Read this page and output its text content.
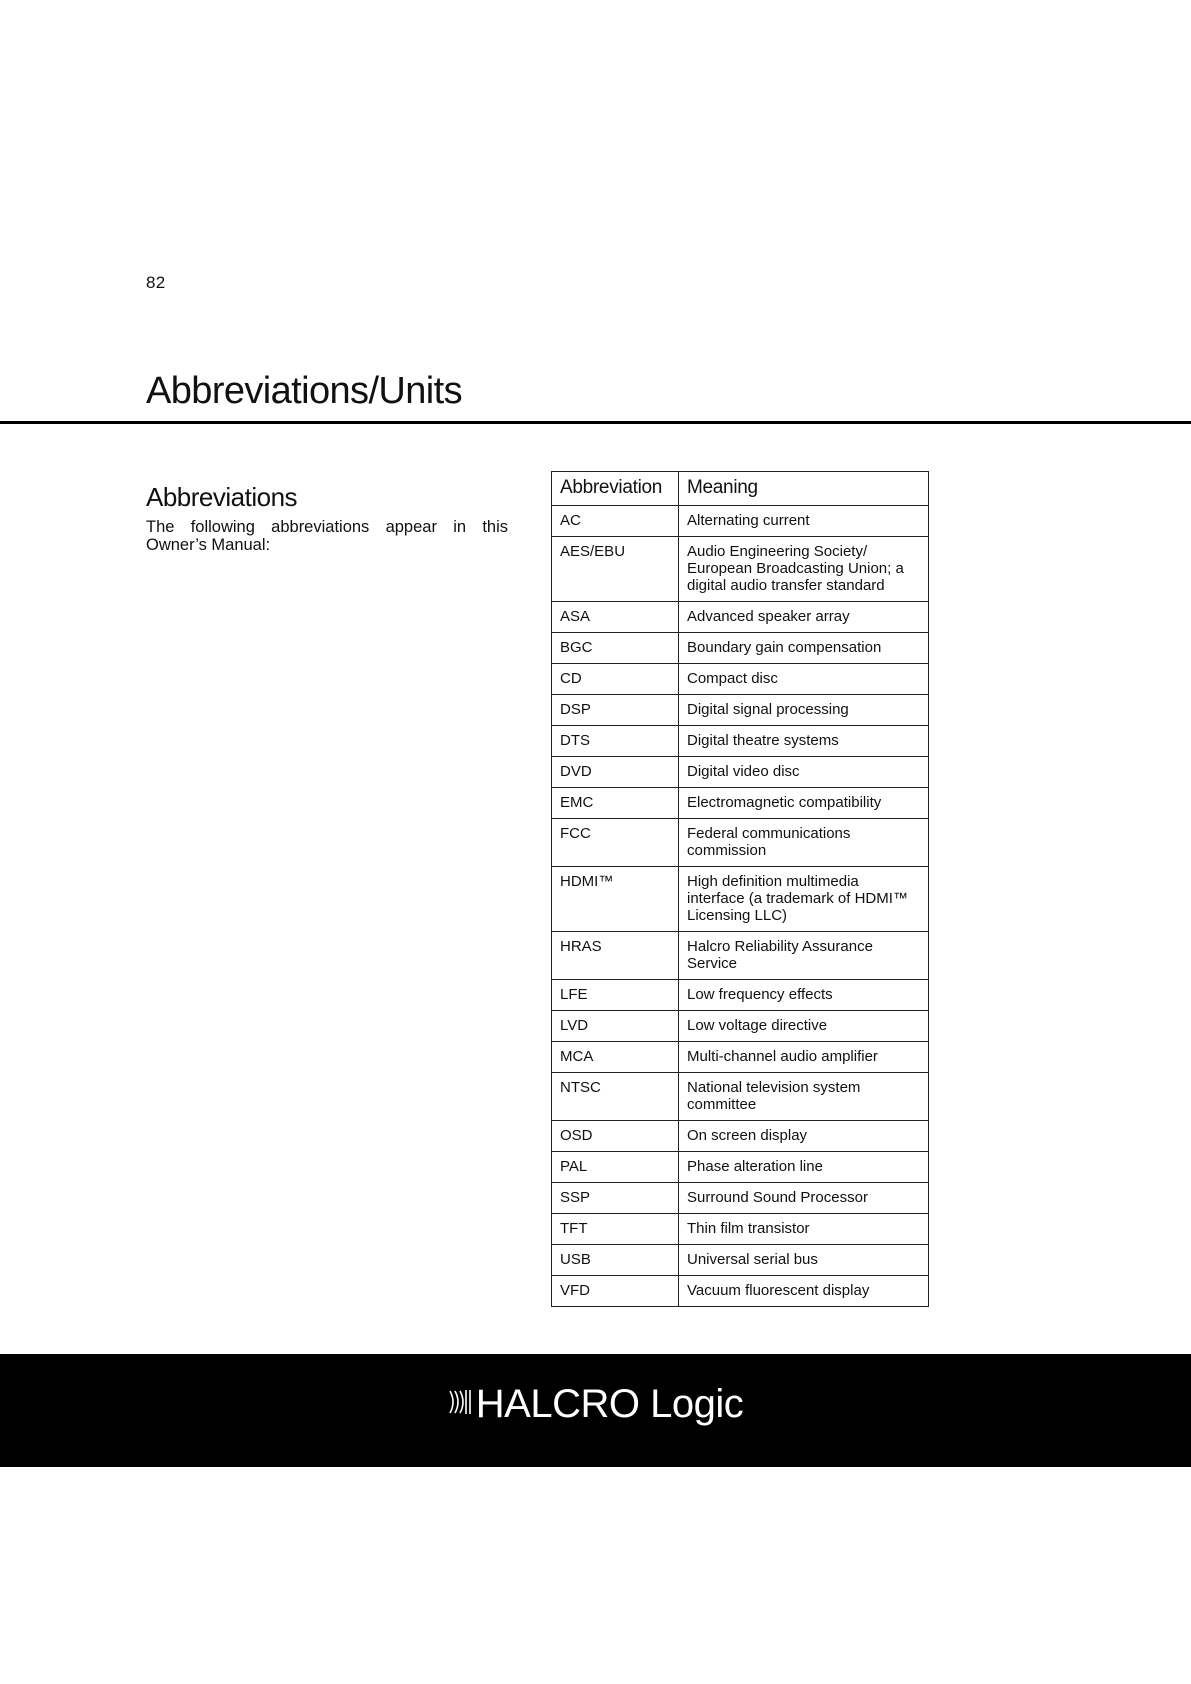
82
Abbreviations/Units
Abbreviations

The following abbreviations appear in this Owner’s Manual:

Abbreviation	Meaning
AC	Alternating current
AES/EBU	Audio Engineering Society/ European Broadcasting Union; a digital audio transfer standard
ASA	Advanced speaker array
BGC	Boundary gain compensation
CD	Compact disc
DSP	Digital signal processing
DTS	Digital theatre systems
DVD	Digital video disc
EMC	Electromagnetic compatibility
FCC	Federal communications commission
HDMI™	High definition multimedia interface (a trademark of HDMI™ Licensing LLC)
HRAS	Halcro Reliability Assurance Service
LFE	Low frequency effects
LVD	Low voltage directive
MCA	Multi-channel audio amplifier
NTSC	National television system committee
OSD	On screen display
PAL	Phase alteration line
SSP	Surround Sound Processor
TFT	Thin film transistor
USB	Universal serial bus
VFD	Vacuum fluorescent display
HALCRO Logic
